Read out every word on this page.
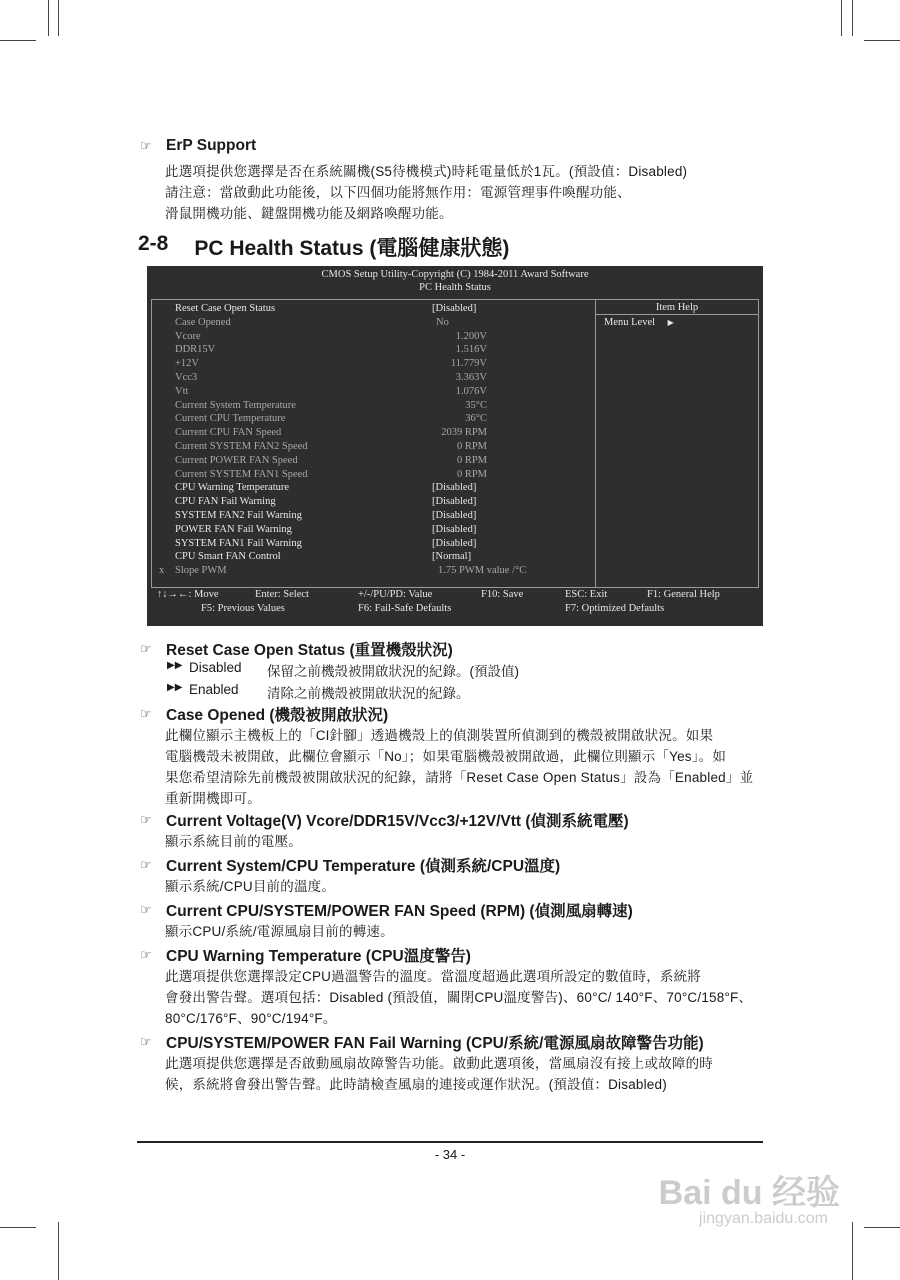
☞ ErP Support
此選項提供您選擇是否在系統關機(S5待機模式)時耗電量低於1瓦。(預設值：Disabled)
請注意：當啟動此功能後，以下四個功能將無作用：電源管理事件喚醒功能、
滑鼠開機功能、鍵盤開機功能及網路喚醒功能。
2-8 PC Health Status (電腦健康狀態)
CMOS Setup Utility-Copyright (C) 1984-2011 Award Software
PC Health Status
Reset Case Open Status	[Disabled]
Case Opened	No
Vcore	1.200V
DDR15V	1.516V
+12V	11.779V
Vcc3	3.363V
Vtt	1.076V
Current System Temperature	35°C
Current CPU Temperature	36°C
Current CPU FAN Speed	2039 RPM
Current SYSTEM FAN2 Speed	0 RPM
Current POWER FAN Speed	0 RPM
Current SYSTEM FAN1 Speed	0 RPM
CPU Warning Temperature	[Disabled]
CPU FAN Fail Warning	[Disabled]
SYSTEM FAN2 Fail Warning	[Disabled]
POWER FAN Fail Warning	[Disabled]
SYSTEM FAN1 Fail Warning	[Disabled]
CPU Smart FAN Control	[Normal]
x Slope PWM	1.75 PWM value /°C
Item Help
Menu Level ▶
↑↓→←: Move	Enter: Select	+/-/PU/PD: Value	F10: Save	ESC: Exit	F1: General Help
F5: Previous Values	F6: Fail-Safe Defaults	F7: Optimized Defaults
☞ Reset Case Open Status (重置機殼狀況)
▶▶ Disabled	保留之前機殼被開啟狀況的紀錄。(預設值)
▶▶ Enabled	清除之前機殼被開啟狀況的紀錄。
☞ Case Opened (機殼被開啟狀況)
此欄位顯示主機板上的「CI針腳」透過機殼上的偵測裝置所偵測到的機殼被開啟狀況。如果
電腦機殼未被開啟，此欄位會顯示「No」；如果電腦機殼被開啟過，此欄位則顯示「Yes」。如
果您希望清除先前機殼被開啟狀況的紀錄，請將「Reset Case Open Status」設為「Enabled」並
重新開機即可。
☞ Current Voltage(V) Vcore/DDR15V/Vcc3/+12V/Vtt (偵測系統電壓)
顯示系統目前的電壓。
☞ Current System/CPU Temperature (偵測系統/CPU溫度)
顯示系統/CPU目前的溫度。
☞ Current CPU/SYSTEM/POWER FAN Speed (RPM) (偵測風扇轉速)
顯示CPU/系統/電源風扇目前的轉速。
☞ CPU Warning Temperature (CPU溫度警告)
此選項提供您選擇設定CPU過溫警告的溫度。當溫度超過此選項所設定的數值時，系統將
會發出警告聲。選項包括：Disabled (預設值，關閉CPU溫度警告)、60°C/ 140°F、70°C/158°F、
80°C/176°F、90°C/194°F。
☞ CPU/SYSTEM/POWER FAN Fail Warning (CPU/系統/電源風扇故障警告功能)
此選項提供您選擇是否啟動風扇故障警告功能。啟動此選項後，當風扇沒有接上或故障的時
候，系統將會發出警告聲。此時請檢查風扇的連接或運作狀況。(預設值：Disabled)
- 34 -
Bai du 经验
jingyan.baidu.com
